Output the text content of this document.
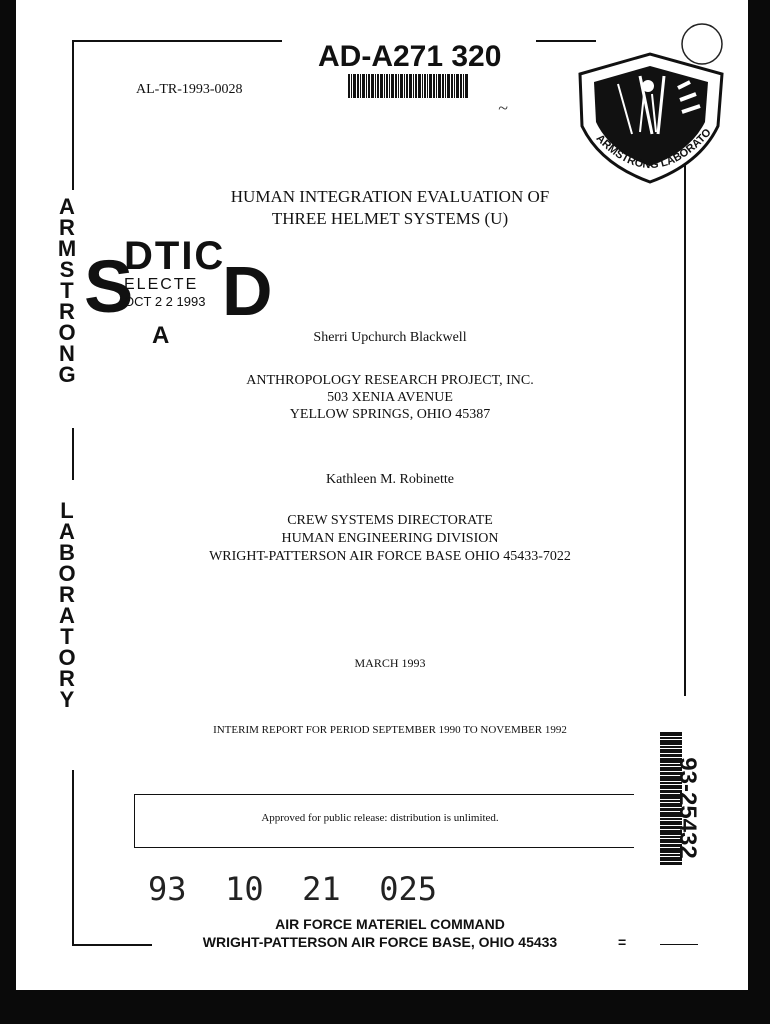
AD-A271 320
AL-TR-1993-0028
ARMSTRONG LABORATO
~
A
R
M
S
T
R
O
N
G
L
A
B
O
R
A
T
O
R
Y
HUMAN INTEGRATION EVALUATION OF
THREE HELMET SYSTEMS (U)
S
DTIC
ELECTE
OCT 2 2 1993 D
A	Sherri Upchurch Blackwell
ANTHROPOLOGY RESEARCH PROJECT, INC.
503 XENIA AVENUE
YELLOW SPRINGS, OHIO 45387
Kathleen M. Robinette
CREW SYSTEMS DIRECTORATE
HUMAN ENGINEERING DIVISION
WRIGHT-PATTERSON AIR FORCE BASE OHIO 45433-7022
MARCH 1993
INTERIM REPORT FOR PERIOD SEPTEMBER 1990 TO NOVEMBER 1992
Approved for public release: distribution is unlimited.	93-25432
93  10  21  025
AIR FORCE MATERIEL COMMAND
WRIGHT-PATTERSON AIR FORCE BASE, OHIO 45433	=
